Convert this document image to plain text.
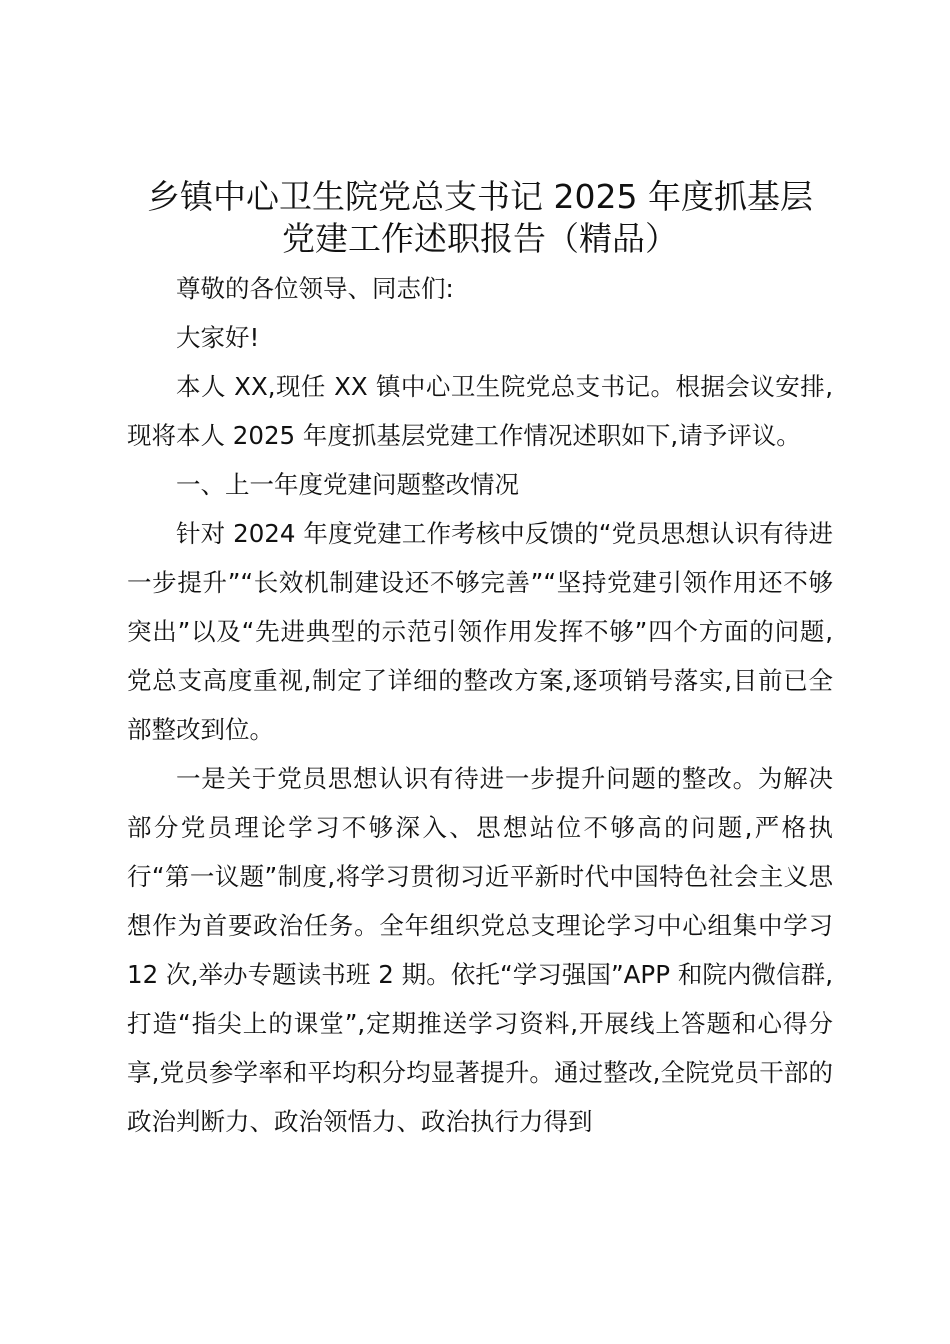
乡镇中心卫生院党总支书记 2025 年度抓基层
党建工作述职报告（精品）

尊敬的各位领导、同志们:

大家好!

本人 XX,现任 XX 镇中心卫生院党总支书记。根据会议安排,现将本人 2025 年度抓基层党建工作情况述职如下,请予评议。

一、上一年度党建问题整改情况

针对 2024 年度党建工作考核中反馈的“党员思想认识有待进一步提升”“长效机制建设还不够完善”“坚持党建引领作用还不够突出”以及“先进典型的示范引领作用发挥不够”四个方面的问题,党总支高度重视,制定了详细的整改方案,逐项销号落实,目前已全部整改到位。

一是关于党员思想认识有待进一步提升问题的整改。为解决部分党员理论学习不够深入、思想站位不够高的问题,严格执行“第一议题”制度,将学习贯彻习近平新时代中国特色社会主义思想作为首要政治任务。全年组织党总支理论学习中心组集中学习 12 次,举办专题读书班 2 期。依托“学习强国”APP 和院内微信群,打造“指尖上的课堂”,定期推送学习资料,开展线上答题和心得分享,党员参学率和平均积分均显著提升。通过整改,全院党员干部的政治判断力、政治领悟力、政治执行力得到
